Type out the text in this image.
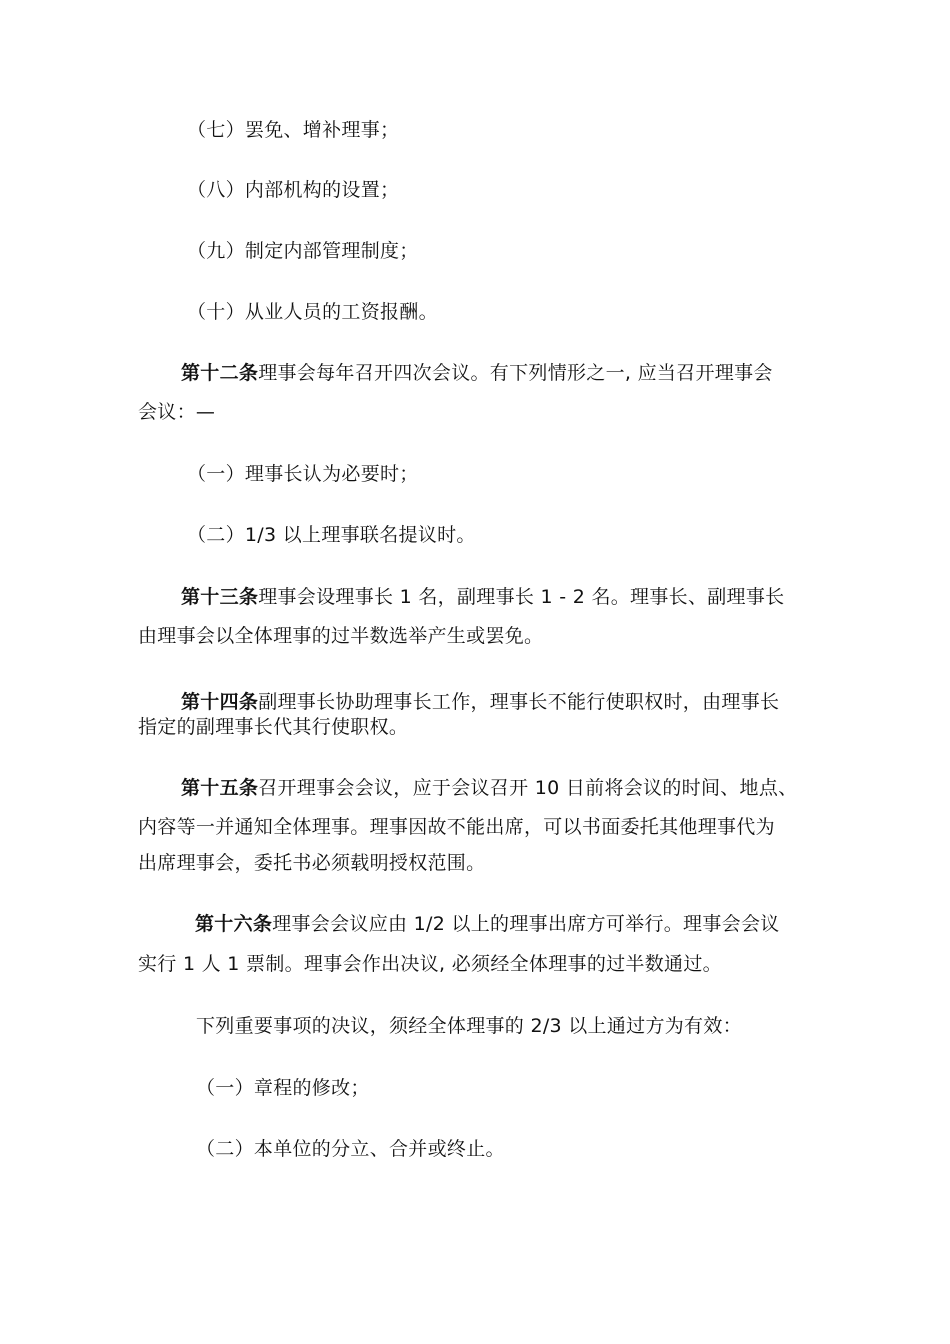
（七）罢免、增补理事；
（八）内部机构的设置；
（九）制定内部管理制度；
（十）从业人员的工资报酬。
第十二条理事会每年召开四次会议。有下列情形之一, 应当召开理事会
会议：—
（一）理事长认为必要时；
（二）1/3 以上理事联名提议时。
第十三条理事会设理事长 1 名，副理事长 1 - 2 名。理事长、副理事长
由理事会以全体理事的过半数选举产生或罢免。
第十四条副理事长协助理事长工作，理事长不能行使职权时，由理事长
指定的副理事长代其行使职权。
第十五条召开理事会会议，应于会议召开 10 日前将会议的时间、地点、
内容等一并通知全体理事。理事因故不能出席，可以书面委托其他理事代为
出席理事会，委托书必须载明授权范围。
第十六条理事会会议应由 1/2 以上的理事出席方可举行。理事会会议
实行 1 人 1 票制。理事会作出决议, 必须经全体理事的过半数通过。
下列重要事项的决议，须经全体理事的 2/3 以上通过方为有效：
（一）章程的修改；
（二）本单位的分立、合并或终止。
